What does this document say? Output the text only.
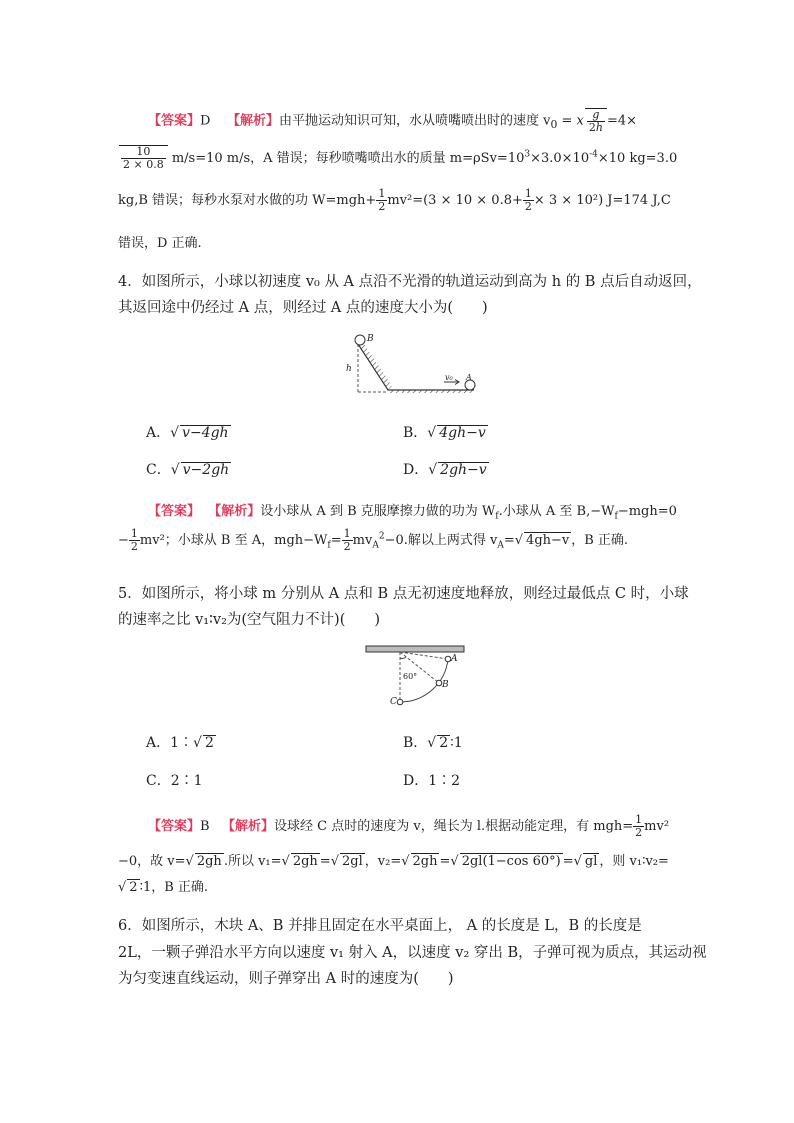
【答案】D 【解析】由平抛运动知识可知，水从喷嘴喷出时的速度 $v_0 = x \frac{g}{2h} =4\times$
$\frac{10}{2 \times 0.8} m/s=10$ m/s，A 错误；每秒喷嘴喷出水的质量 $m=\rho Sv=10^3\times 3.0\times 10^{-4}\times 10$ kg=3.0
kg,B 错误；每秒水泵对水做的功 $W=mgh+ \frac{1}{2} mv^2=(3 \times 10 \times 0.8+ \frac{1}{2} \times 3 \times 10^2)$ J=174 J,C
错误，D 正确.
4．如图所示，小球以初速度 v₀ 从 A 点沿不光滑的轨道运动到高为 h 的 B 点后自动返回，
其返回途中仍经过 A 点，则经过 A 点的速度大小为(　　)
B
h
v₀ A
A．√ v−4gh	B．√ 4gh−v
C．√ v−2gh	D．√ 2gh−v
【答案】 【解析】设小球从 A 到 B 克服摩擦力做的功为 $W_f$.小球从 A 至 $B,-W_f-mgh=0$
− $\frac{1}{2} mv^2$；小球从 B 至 A，$mgh-W_f= \frac{1}{2} mv_A^2-0$.解以上两式得 $v_A=√$ 4gh−v ，B 正确.
5．如图所示，将小球 m 分别从 A 点和 B 点无初速度地释放，则经过最低点 C 时，小球
的速率之比 v₁∶v₂为(空气阻力不计)(　　)
A
60°
B
C
A．1∶√ 2	B．√ 2 ∶1
C．2∶1	D．1∶2
【答案】B 【解析】设球经 C 点时的速度为 v，绳长为 l.根据动能定理，有 $mgh= \frac{1}{2} mv^2$
−0，故 v=√ 2gh .所以 v₁=√ 2gh =√ 2gl ，v₂=√ 2gh =√ 2gl(1−cos 60°) =√ gl ，则 v₁∶v₂=
√ 2 ∶1，B 正确.
6．如图所示，木块 A、B 并排且固定在水平桌面上， A 的长度是 L，B 的长度是
2L，一颗子弹沿水平方向以速度 v₁ 射入 A，以速度 v₂ 穿出 B，子弹可视为质点，其运动视
为匀变速直线运动，则子弹穿出 A 时的速度为(　　)
